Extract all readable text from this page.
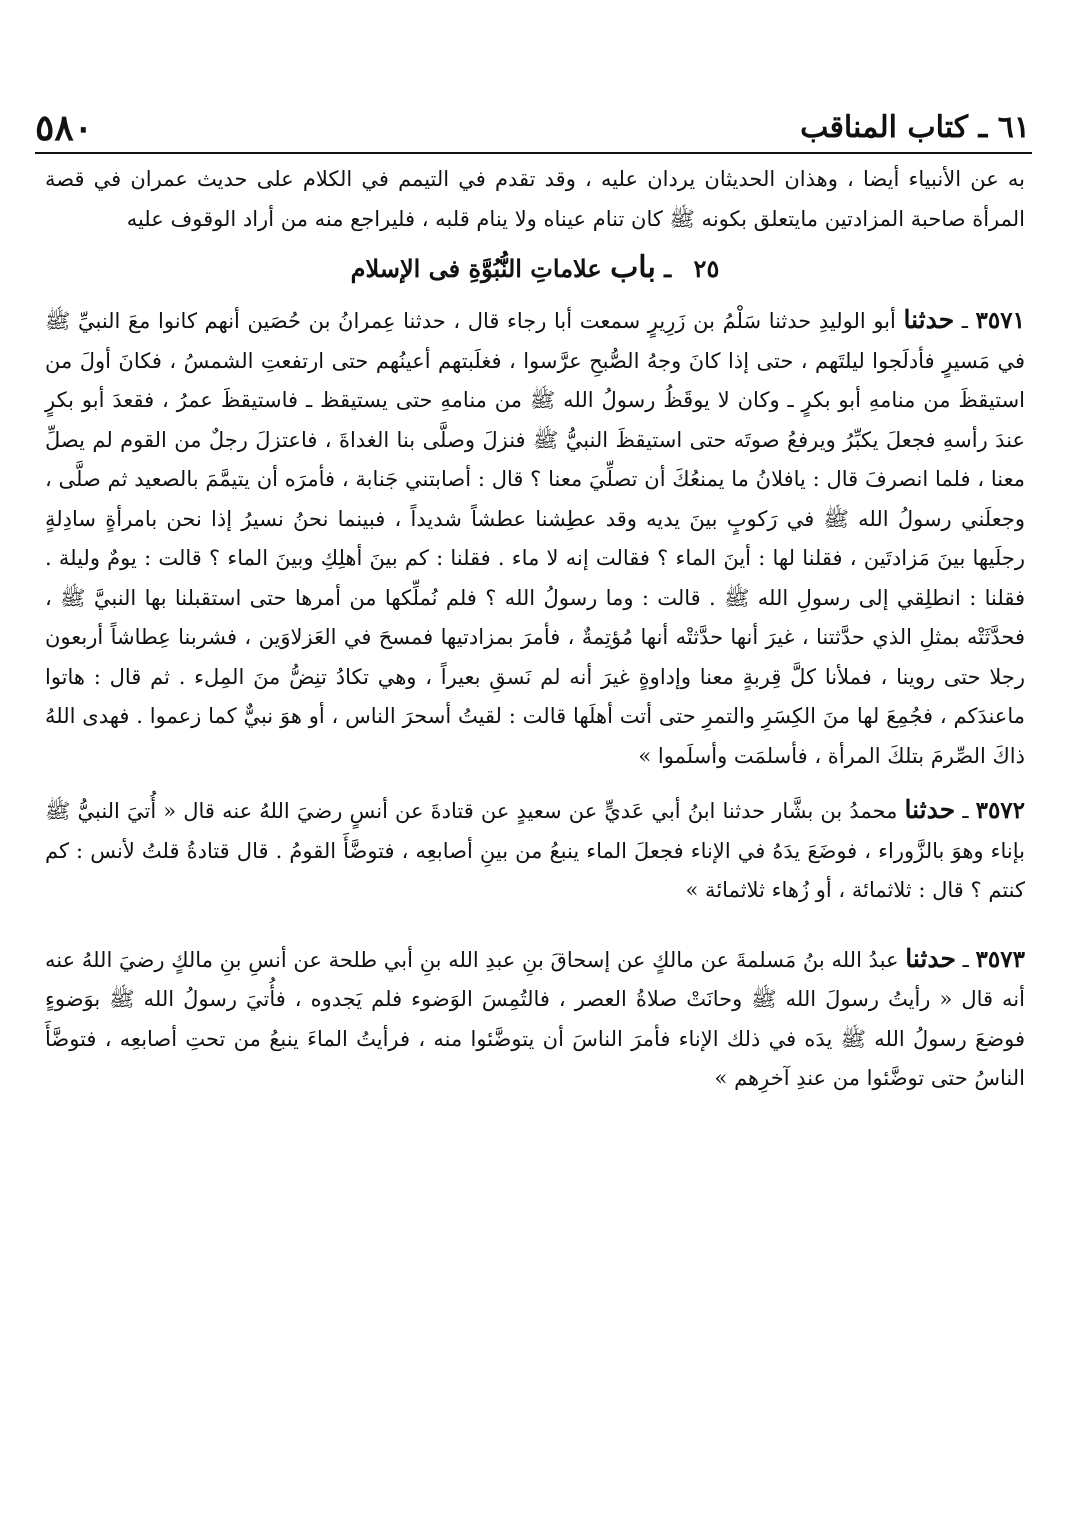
٥٨٠	٦١ ـ كتاب المناقب

به عن الأنبياء أيضا ، وهذان الحديثان يردان عليه ، وقد تقدم في التيمم في الكلام على حديث عمران في قصة المرأة صاحبة المزادتين مايتعلق بكونه ﷺ كان تنام عيناه ولا ينام قلبه ، فليراجع منه من أراد الوقوف عليه

٢٥ ـ باب علاماتِ النُّبُوَّةِ فى الإسلام

٣٥٧١ ـ حدثنا أبو الوليدِ حدثنا سَلْمُ بن زَرِيرٍ سمعت أبا رجاء قال ، حدثنا عِمرانُ بن حُصَين أنهم كانوا معَ النبيِّ ﷺ في مَسيرٍ فأدلَجوا ليلتَهم ، حتى إذا كانَ وجهُ الصُّبحِ عرَّسوا ، فغلَبتهم أعينُهم حتى ارتفعتِ الشمسُ ، فكانَ أولَ من استيقظَ من منامهِ أبو بكرٍ ـ وكان لا يوقَظُ رسولُ الله ﷺ من منامهِ حتى يستيقظ ـ فاستيقظَ عمرُ ، فقعدَ أبو بكرٍ عندَ رأسهِ فجعلَ يكبِّرُ ويرفعُ صوتَه حتى استيقظَ النبيُّ ﷺ فنزلَ وصلَّى بنا الغداةَ ، فاعتزلَ رجلٌ من القوم لم يصلِّ معنا ، فلما انصرفَ قال : يافلانُ ما يمنعُكَ أن تصلِّيَ معنا ؟ قال : أصابتني جَنابة ، فأمرَه أن يتيمَّمَ بالصعيد ثم صلَّى ، وجعلَني رسولُ الله ﷺ في رَكوبٍ بينَ يديه وقد عطِشنا عطشاً شديداً ، فبينما نحنُ نسيرُ إذا نحن بامرأةٍ سادِلةٍ رجلَيها بينَ مَزادتَين ، فقلنا لها : أينَ الماء ؟ فقالت إنه لا ماء . فقلنا : كم بينَ أهلِكِ وبينَ الماء ؟ قالت : يومٌ وليلة . فقلنا : انطلِقي إلى رسولِ الله ﷺ . قالت : وما رسولُ الله ؟ فلم نُملِّكها من أمرها حتى استقبلنا بها النبيَّ ﷺ ، فحدَّثَتْه بمثلِ الذي حدَّثتنا ، غيرَ أنها حدَّثتْه أنها مُؤتِمةٌ ، فأمرَ بمزادتيها فمسحَ في العَزلاوَين ، فشربنا عِطاشاً أربعون رجلا حتى روينا ، فملأنا كلَّ قِربةٍ معنا وإداوةٍ غيرَ أنه لم نَسقِ بعيراً ، وهي تكادُ تنِضُّ منَ المِلء . ثم قال : هاتوا ماعندَكم ، فجُمِعَ لها منَ الكِسَرِ والتمرِ حتى أتت أهلَها قالت : لقيتُ أسحرَ الناس ، أو هوَ نبيٌّ كما زعموا . فهدى اللهُ ذاكَ الصِّرمَ بتلكَ المرأة ، فأسلمَت وأسلَموا »

٣٥٧٢ ـ حدثنا محمدُ بن بشَّار حدثنا ابنُ أبي عَديٍّ عن سعيدٍ عن قتادةَ عن أنسٍ رضيَ اللهُ عنه قال « أُتيَ النبيُّ ﷺ بإناء وهوَ بالزَّوراء ، فوضَعَ يدَهُ في الإناء فجعلَ الماء ينبعُ من بينِ أصابعِه ، فتوضَّأَ القومُ . قال قتادةُ قلتُ لأنس : كم كنتم ؟ قال : ثلاثمائة ، أو زُهاء ثلاثمائة »

٣٥٧٣ ـ حدثنا عبدُ الله بنُ مَسلمةَ عن مالكٍ عن إسحاقَ بنِ عبدِ الله بنِ أبي طلحة عن أنسِ بنِ مالكٍ رضيَ اللهُ عنه أنه قال « رأيتُ رسولَ الله ﷺ وحانَتْ صلاةُ العصر ، فالتُمِسَ الوَضوء فلم يَجدوه ، فأُتيَ رسولُ الله ﷺ بوَضوءٍ فوضعَ رسولُ الله ﷺ يدَه في ذلك الإناء فأمرَ الناسَ أن يتوضَّئوا منه ، فرأيتُ الماءَ ينبعُ من تحتِ أصابعِه ، فتوضَّأَ الناسُ حتى توضَّئوا من عندِ آخرِهم »
